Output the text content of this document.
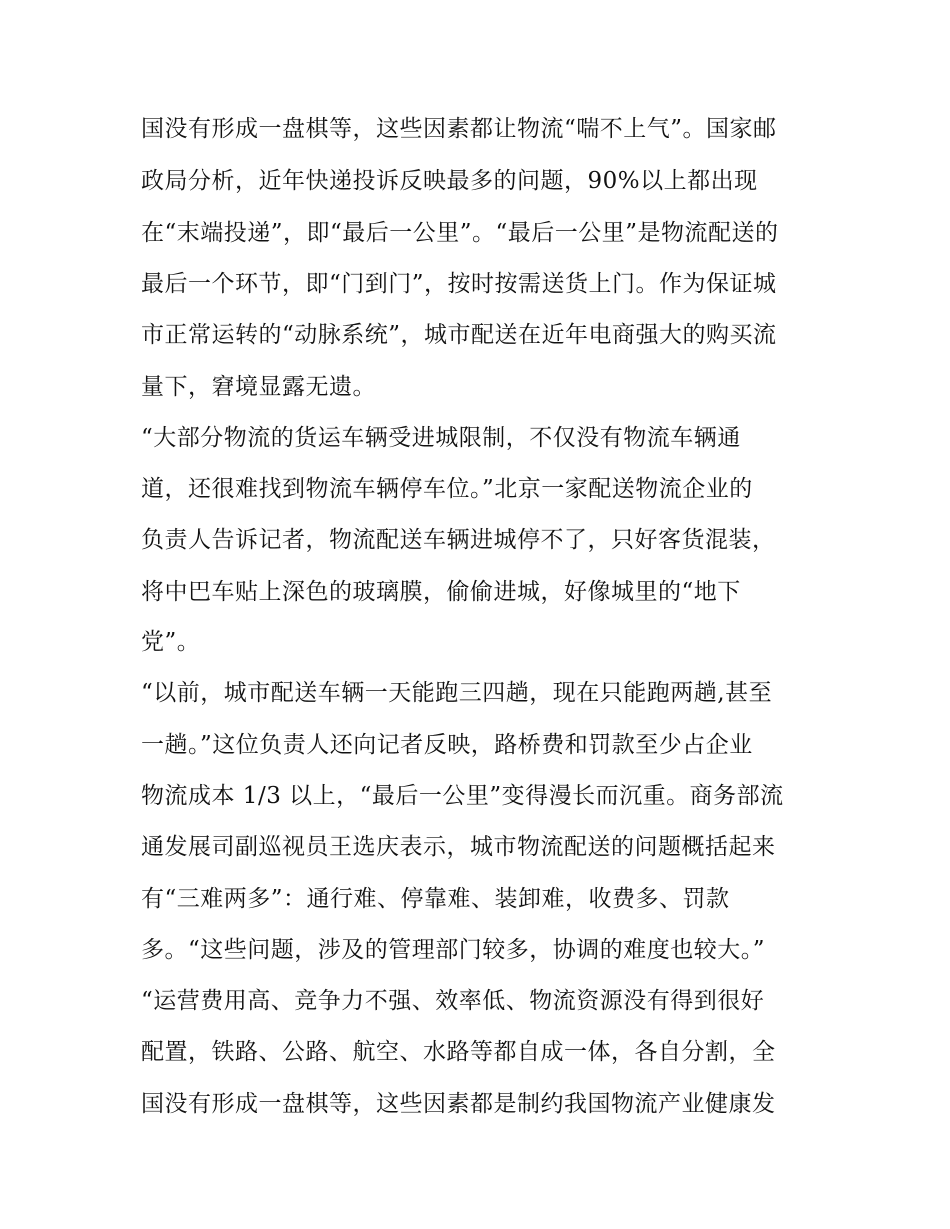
国没有形成一盘棋等，这些因素都让物流“喘不上气”。国家邮
政局分析，近年快递投诉反映最多的问题，90%以上都出现
在“末端投递”，即“最后一公里”。“最后一公里”是物流配送的
最后一个环节，即“门到门”，按时按需送货上门。作为保证城
市正常运转的“动脉系统”，城市配送在近年电商强大的购买流
量下，窘境显露无遗。
“大部分物流的货运车辆受进城限制，不仅没有物流车辆通
道，还很难找到物流车辆停车位。”北京一家配送物流企业的
负责人告诉记者，物流配送车辆进城停不了，只好客货混装，
将中巴车贴上深色的玻璃膜，偷偷进城，好像城里的“地下
党”。
“以前，城市配送车辆一天能跑三四趟，现在只能跑两趟,甚至
一趟。”这位负责人还向记者反映，路桥费和罚款至少占企业
物流成本 1/3 以上，“最后一公里”变得漫长而沉重。商务部流
通发展司副巡视员王选庆表示，城市物流配送的问题概括起来
有“三难两多”：通行难、停靠难、装卸难，收费多、罚款
多。“这些问题，涉及的管理部门较多，协调的难度也较大。”
“运营费用高、竞争力不强、效率低、物流资源没有得到很好
配置，铁路、公路、航空、水路等都自成一体，各自分割，全
国没有形成一盘棋等，这些因素都是制约我国物流产业健康发
